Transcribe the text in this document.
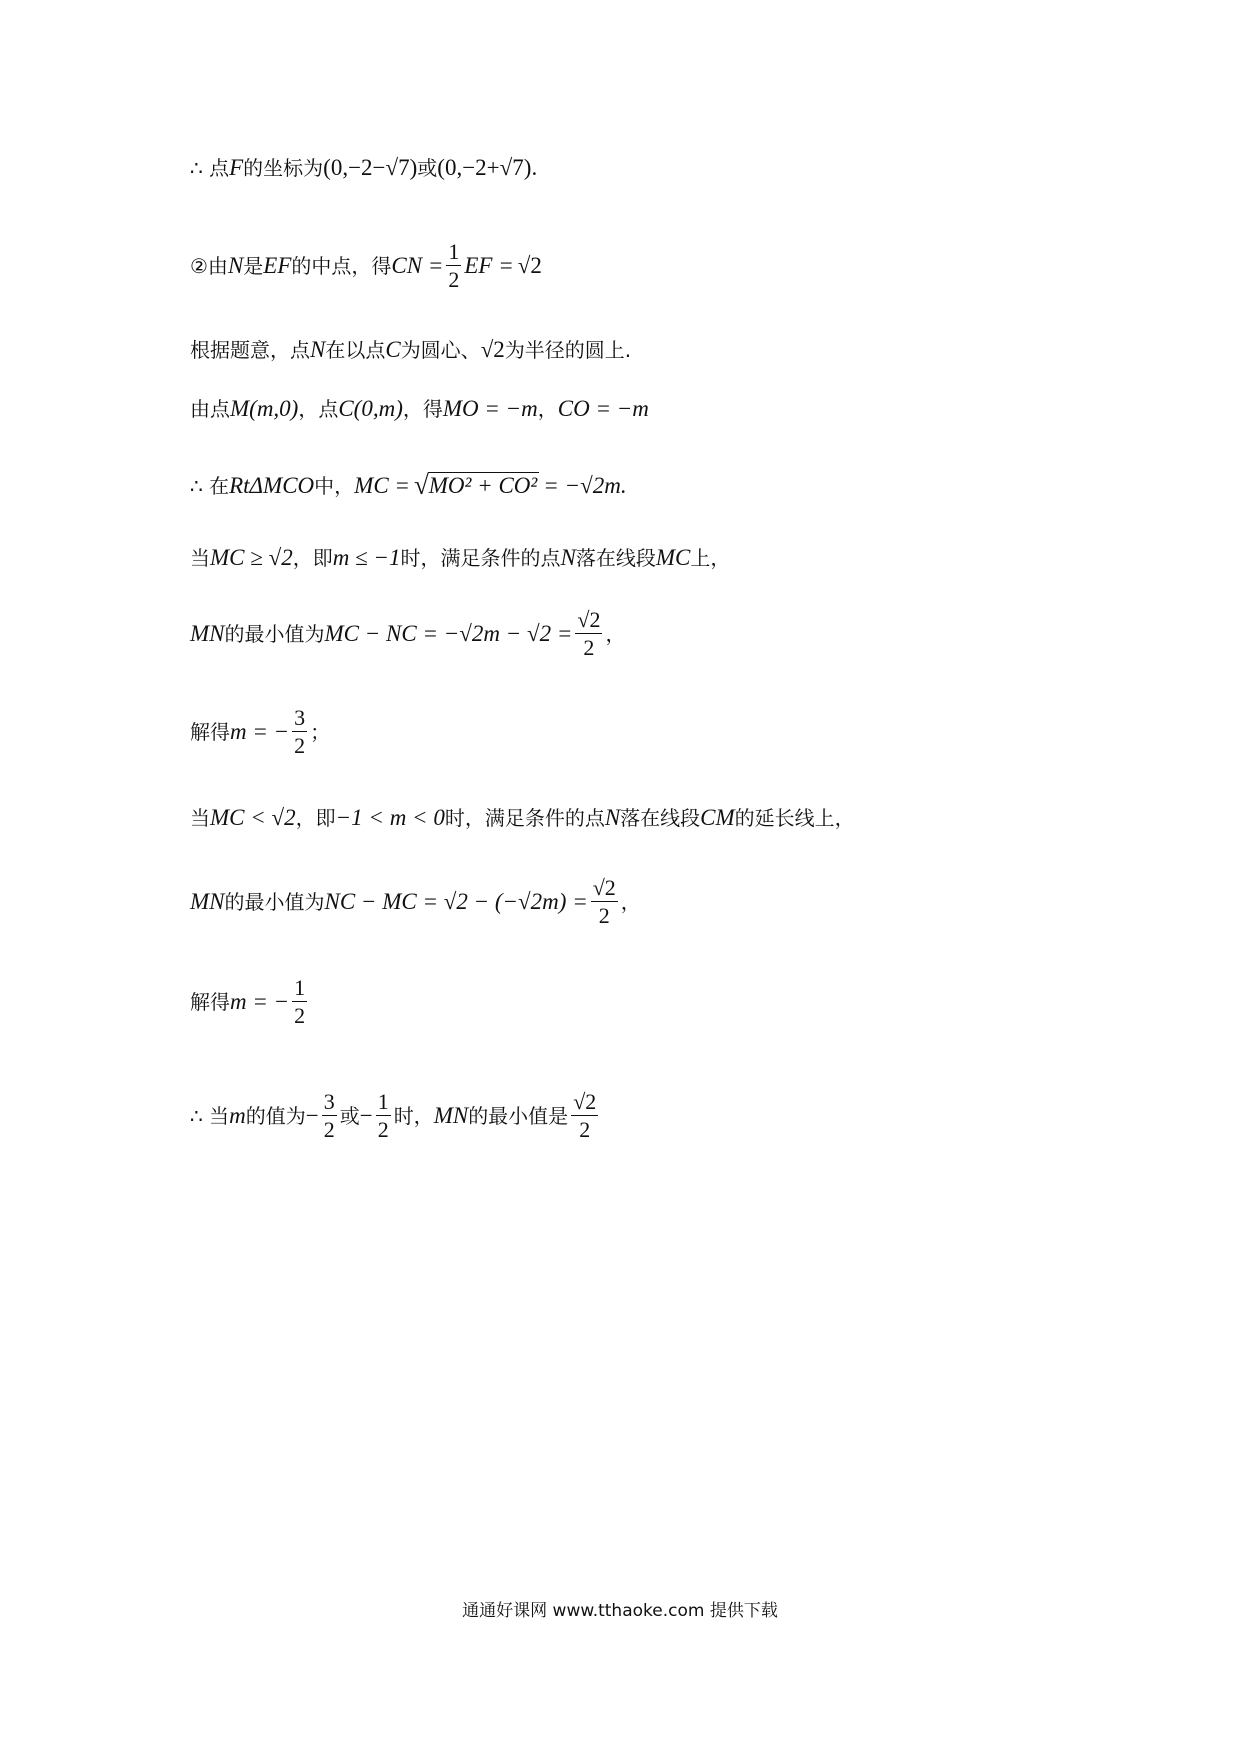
∴ 点 F 的坐标为 (0,−2−√7) 或 (0,−2+√7) .
②由 N 是 EF 的中点，得 CN = $\frac{1}{2}$ EF = √2
根据题意，点 N 在以点 C 为圆心、 √2 为半径的圆上.
由点 M(m,0) ，点 C(0,m) ，得 MO = −m ， CO = −m
∴ 在 RtΔMCO 中， MC = √ MO² + CO² = −√2m.
当 MC ≥ √2 ，即 m ≤ −1 时，满足条件的点 N 落在线段 MC 上，
MN 的最小值为 MC − NC = $-√2m - √2 = \frac{√2}{2}$ ，
解得 m = − $\frac{3}{2}$ ；
当 MC < √2 ，即 −1 < m < 0 时，满足条件的点 N 落在线段 CM 的延长线上，
MN 的最小值为 NC − MC = $√2 - (-√2m) = \frac{√2}{2}$ ，
解得 m = − $\frac{1}{2}$
∴ 当 m 的值为 − $\frac{3}{2}$ 或 − $\frac{1}{2}$ 时， MN 的最小值是 $\frac{√2}{2}$
通通好课网 www.tthaoke.com 提供下载
